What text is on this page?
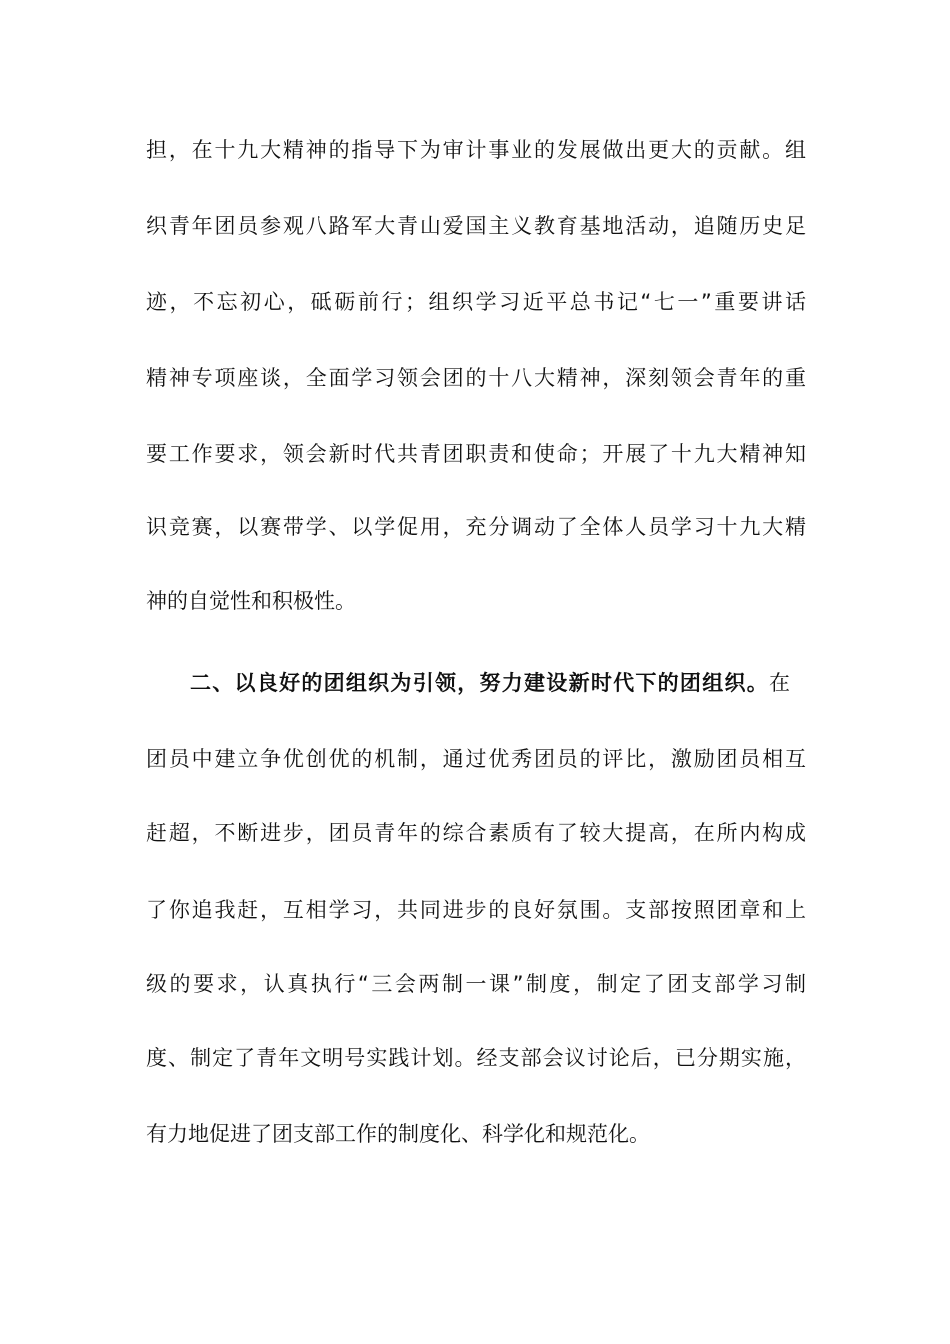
担，在十九大精神的指导下为审计事业的发展做出更大的贡献。组
织青年团员参观八路军大青山爱国主义教育基地活动，追随历史足
迹，不忘初心，砥砺前行；组织学习近平总书记“七一”重要讲话
精神专项座谈，全面学习领会团的十八大精神，深刻领会青年的重
要工作要求，领会新时代共青团职责和使命；开展了十九大精神知
识竞赛，以赛带学、以学促用，充分调动了全体人员学习十九大精
神的自觉性和积极性。
二、以良好的团组织为引领，努力建设新时代下的团组织。在
团员中建立争优创优的机制，通过优秀团员的评比，激励团员相互
赶超，不断进步，团员青年的综合素质有了较大提高，在所内构成
了你追我赶，互相学习，共同进步的良好氛围。支部按照团章和上
级的要求，认真执行“三会两制一课”制度，制定了团支部学习制
度、制定了青年文明号实践计划。经支部会议讨论后，已分期实施，
有力地促进了团支部工作的制度化、科学化和规范化。
